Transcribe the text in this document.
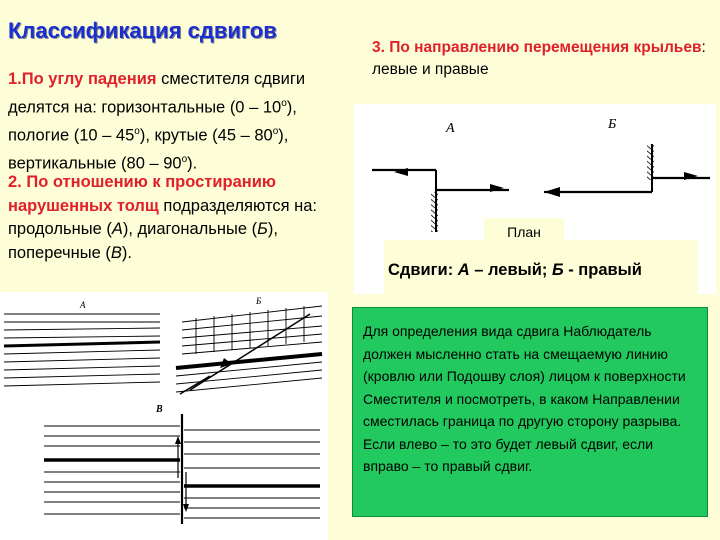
Классификация сдвигов
1.По углу падения сместителя сдвиги делятся на: горизонтальные $(0 - 10^о)$, пологие $(10 - 45^о)$, крутые $(45 - 80^о)$, вертикальные $(80 - 90^о)$.
2. По отношению к простиранию нарушенных толщ подразделяются на: продольные (А), диагональные (Б), поперечные (В).
3. По направлению перемещения крыльев: левые и правые
А	Б
План
Сдвиги: А – левый; Б - правый
А	Б
В

Для определения вида сдвига Наблюдатель должен мысленно стать на смещаемую линию (кровлю или Подошву слоя) лицом к поверхности Сместителя и посмотреть, в каком Направлении сместилась граница по другую сторону разрыва. Если влево – то это будет левый сдвиг, если вправо – то правый сдвиг.
